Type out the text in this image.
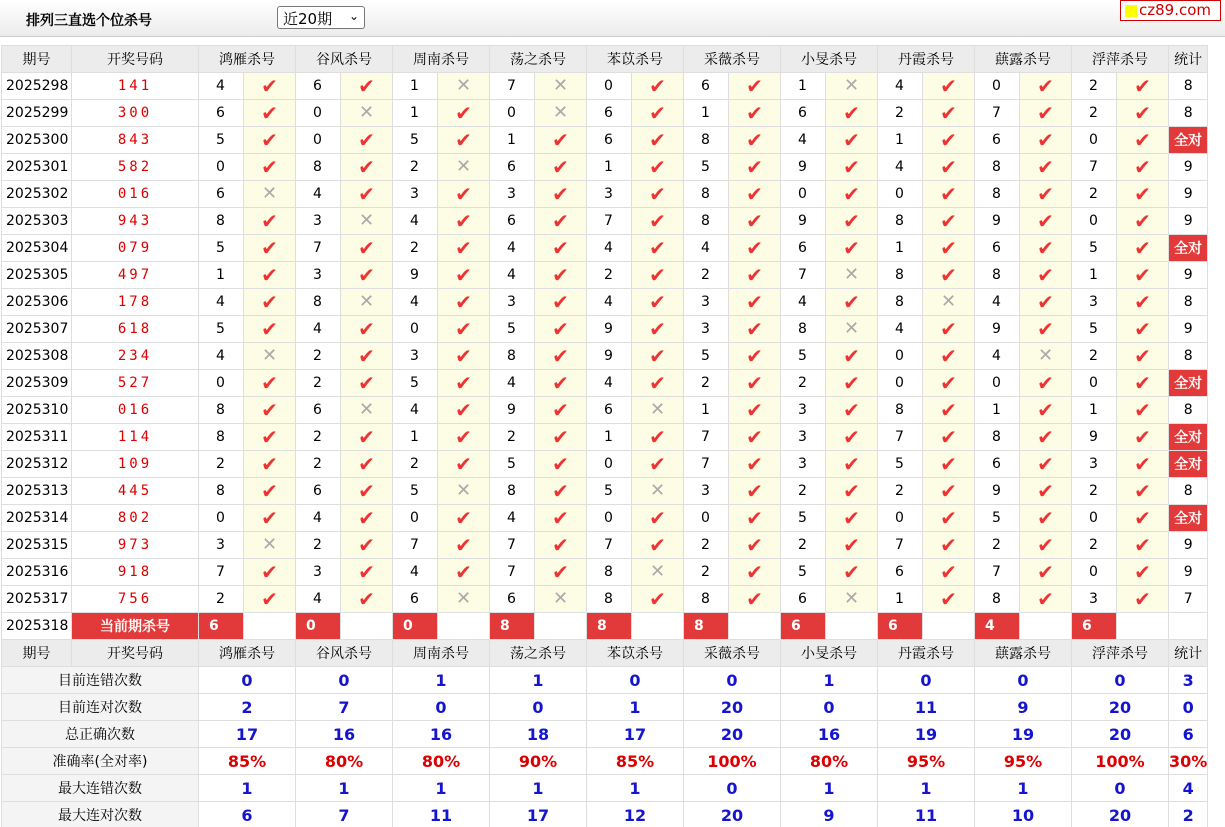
排列三直选个位杀号	近20期 ⌄	cz89.com
期号	开奖号码	鸿雁杀号		谷风杀号		周南杀号		荡之杀号		苯苡杀号		采薇杀号		小旻杀号		丹霞杀号		蕻露杀号		浮萍杀号		统计
2025298	141	4	✔	6	✔	1	✕	7	✕	0	✔	6	✔	1	✕	4	✔	0	✔	2	✔	8
2025299	300	6	✔	0	✕	1	✔	0	✕	6	✔	1	✔	6	✔	2	✔	7	✔	2	✔	8
2025300	843	5	✔	0	✔	5	✔	1	✔	6	✔	8	✔	4	✔	1	✔	6	✔	0	✔	全对
2025301	582	0	✔	8	✔	2	✕	6	✔	1	✔	5	✔	9	✔	4	✔	8	✔	7	✔	9
2025302	016	6	✕	4	✔	3	✔	3	✔	3	✔	8	✔	0	✔	0	✔	8	✔	2	✔	9
2025303	943	8	✔	3	✕	4	✔	6	✔	7	✔	8	✔	9	✔	8	✔	9	✔	0	✔	9
2025304	079	5	✔	7	✔	2	✔	4	✔	4	✔	4	✔	6	✔	1	✔	6	✔	5	✔	全对
2025305	497	1	✔	3	✔	9	✔	4	✔	2	✔	2	✔	7	✕	8	✔	8	✔	1	✔	9
2025306	178	4	✔	8	✕	4	✔	3	✔	4	✔	3	✔	4	✔	8	✕	4	✔	3	✔	8
2025307	618	5	✔	4	✔	0	✔	5	✔	9	✔	3	✔	8	✕	4	✔	9	✔	5	✔	9
2025308	234	4	✕	2	✔	3	✔	8	✔	9	✔	5	✔	5	✔	0	✔	4	✕	2	✔	8
2025309	527	0	✔	2	✔	5	✔	4	✔	4	✔	2	✔	2	✔	0	✔	0	✔	0	✔	全对
2025310	016	8	✔	6	✕	4	✔	9	✔	6	✕	1	✔	3	✔	8	✔	1	✔	1	✔	8
2025311	114	8	✔	2	✔	1	✔	2	✔	1	✔	7	✔	3	✔	7	✔	8	✔	9	✔	全对
2025312	109	2	✔	2	✔	2	✔	5	✔	0	✔	7	✔	3	✔	5	✔	6	✔	3	✔	全对
2025313	445	8	✔	6	✔	5	✕	8	✔	5	✕	3	✔	2	✔	2	✔	9	✔	2	✔	8
2025314	802	0	✔	4	✔	0	✔	4	✔	0	✔	0	✔	5	✔	0	✔	5	✔	0	✔	全对
2025315	973	3	✕	2	✔	7	✔	7	✔	7	✔	2	✔	2	✔	7	✔	2	✔	2	✔	9
2025316	918	7	✔	3	✔	4	✔	7	✔	8	✕	2	✔	5	✔	6	✔	7	✔	0	✔	9
2025317	756	2	✔	4	✔	6	✕	6	✕	8	✔	8	✔	6	✕	1	✔	8	✔	3	✔	7
2025318	当前期杀号	6		0		0		8		8		8		6		6		4		6		
期号	开奖号码	鸿雁杀号		谷风杀号		周南杀号		荡之杀号		苯苡杀号		采薇杀号		小旻杀号		丹霞杀号		蕻露杀号		浮萍杀号		统计
目前连错次数		0		0		1		1		0		0		1		0		0		0		3
目前连对次数		2		7		0		0		1		20		0		11		9		20		0
总正确次数		17		16		16		18		17		20		16		19		19		20		6
准确率(全对率)		85%		80%		80%		90%		85%		100%		80%		95%		95%		100%		30%
最大连错次数		1		1		1		1		1		0		1		1		1		0		4
最大连对次数		6		7		11		17		12		20		9		11		10		20		2
